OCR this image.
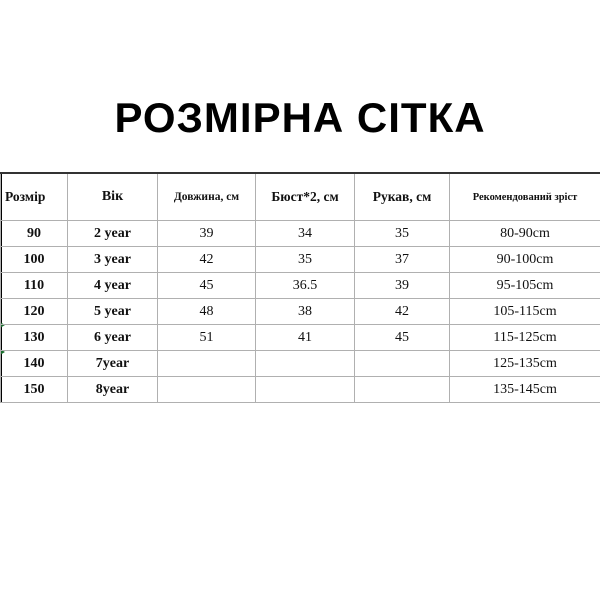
РОЗМІРНА СІТКА
Розмір	Вік	Довжина, см	Бюст*2, см	Рукав, см	Рекомендований зріст
90	2 year	39	34	35	80-90cm
100	3 year	42	35	37	90-100cm
110	4 year	45	36.5	39	95-105cm
120	5 year	48	38	42	105-115cm
130	6 year	51	41	45	115-125cm
140	7year				125-135cm
150	8year				135-145cm
